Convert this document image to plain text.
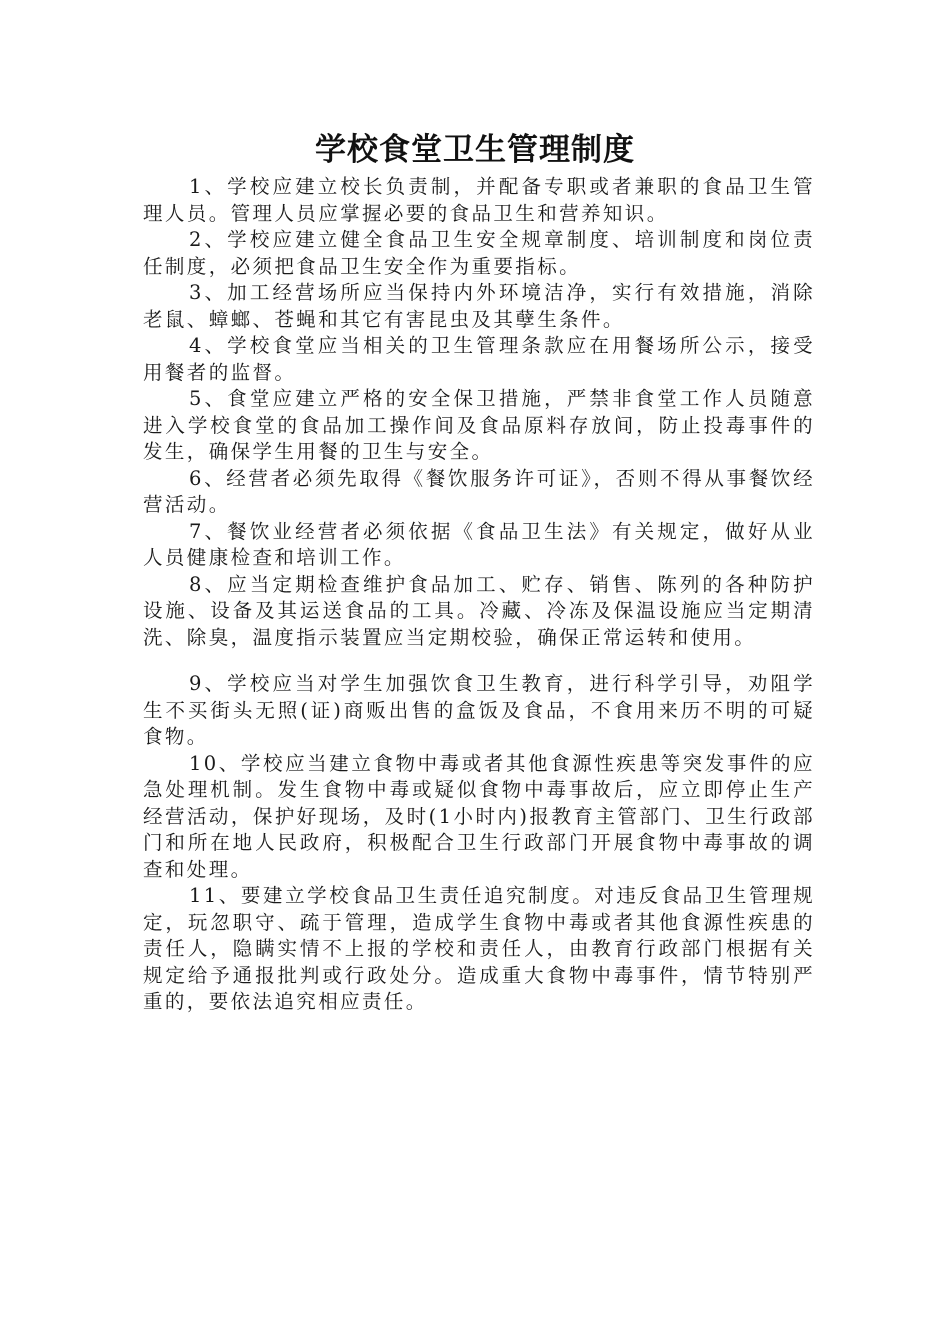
学校食堂卫生管理制度

1、学校应建立校长负责制，并配备专职或者兼职的食品卫生管理人员。管理人员应掌握必要的食品卫生和营养知识。

2、学校应建立健全食品卫生安全规章制度、培训制度和岗位责任制度，必须把食品卫生安全作为重要指标。

3、加工经营场所应当保持内外环境洁净，实行有效措施，消除老鼠、蟑螂、苍蝇和其它有害昆虫及其孽生条件。

4、学校食堂应当相关的卫生管理条款应在用餐场所公示，接受用餐者的监督。

5、食堂应建立严格的安全保卫措施，严禁非食堂工作人员随意进入学校食堂的食品加工操作间及食品原料存放间，防止投毒事件的发生，确保学生用餐的卫生与安全。

6、经营者必须先取得《餐饮服务许可证》，否则不得从事餐饮经营活动。

7、餐饮业经营者必须依据《食品卫生法》有关规定，做好从业人员健康检查和培训工作。

8、应当定期检查维护食品加工、贮存、销售、陈列的各种防护设施、设备及其运送食品的工具。冷藏、冷冻及保温设施应当定期清洗、除臭，温度指示装置应当定期校验，确保正常运转和使用。

9、学校应当对学生加强饮食卫生教育，进行科学引导，劝阻学生不买街头无照(证)商贩出售的盒饭及食品，不食用来历不明的可疑食物。

10、学校应当建立食物中毒或者其他食源性疾患等突发事件的应急处理机制。发生食物中毒或疑似食物中毒事故后，应立即停止生产经营活动，保护好现场，及时(1小时内)报教育主管部门、卫生行政部门和所在地人民政府，积极配合卫生行政部门开展食物中毒事故的调查和处理。

11、要建立学校食品卫生责任追究制度。对违反食品卫生管理规定，玩忽职守、疏于管理，造成学生食物中毒或者其他食源性疾患的责任人，隐瞒实情不上报的学校和责任人，由教育行政部门根据有关规定给予通报批判或行政处分。造成重大食物中毒事件，情节特别严重的，要依法追究相应责任。
